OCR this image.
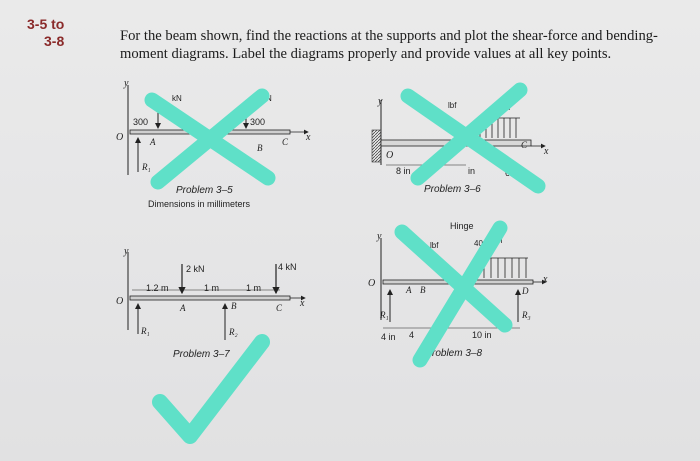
3-5 to
3-8	For the beam shown, find the reactions at the supports and plot the shear-force and bending-
moment diagrams. Label the diagrams properly and provide values at all key points.
y
O	x
kN	kN
300	300
A
B
C
R₁
Problem 3–5
Dimensions in millimeters
y
x
O
C
lbf	lf/in
8 in	in	6 i..
Problem 3–6
y
O	x
2 kN	4 kN
1.2 m	1 m	1 m
A	B	C
R₁	R₂
Problem 3–7
Hinge
40 n
y
O	x
lbf
A B	D
R₁	R₃
4 in 4	10 in
roblem 3–8
